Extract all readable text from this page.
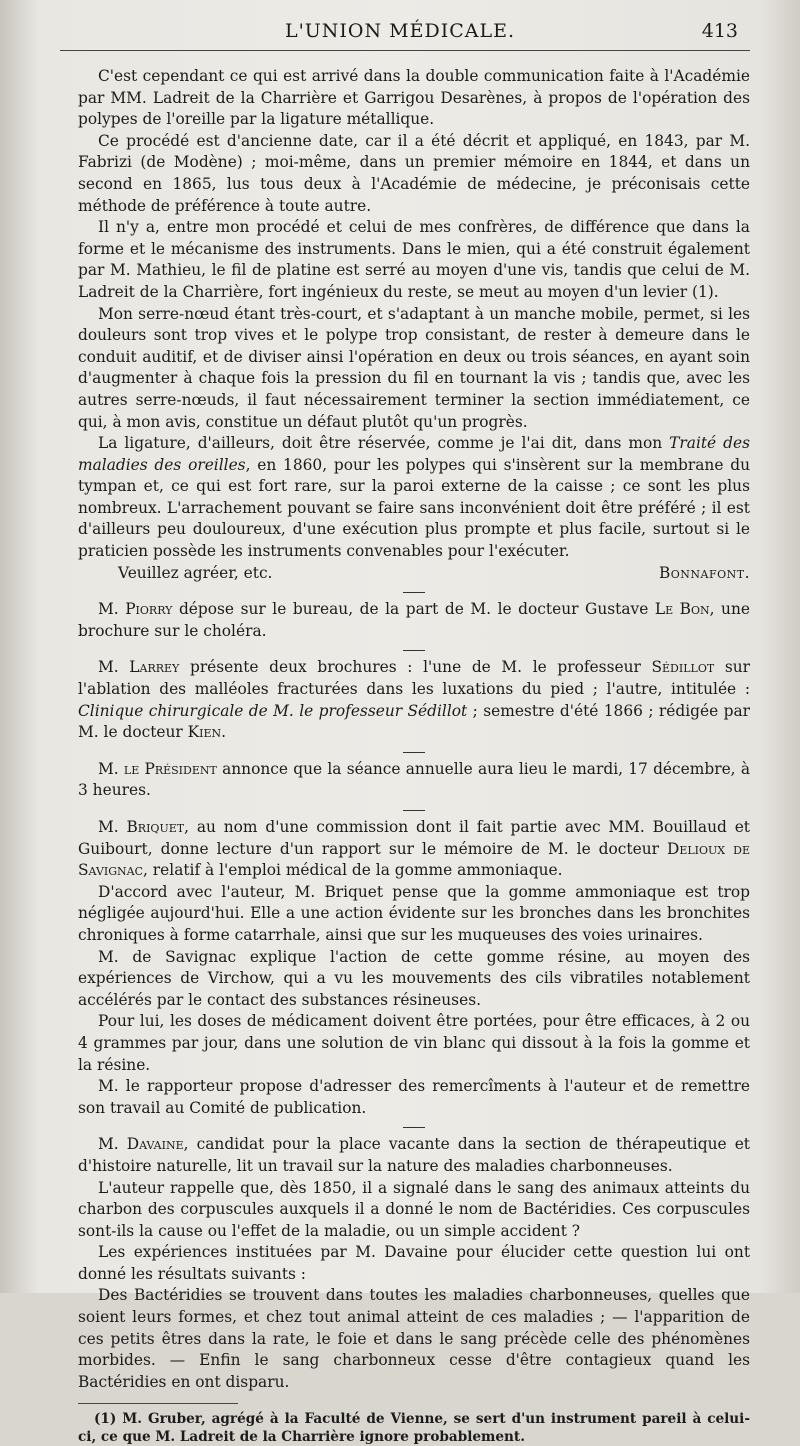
L'UNION MÉDICALE.	413

C'est cependant ce qui est arrivé dans la double communication faite à l'Académie par MM. Ladreit de la Charrière et Garrigou Desarènes, à propos de l'opération des polypes de l'oreille par la ligature métallique.

Ce procédé est d'ancienne date, car il a été décrit et appliqué, en 1843, par M. Fabrizi (de Modène) ; moi-même, dans un premier mémoire en 1844, et dans un second en 1865, lus tous deux à l'Académie de médecine, je préconisais cette méthode de préférence à toute autre.

Il n'y a, entre mon procédé et celui de mes confrères, de différence que dans la forme et le mécanisme des instruments. Dans le mien, qui a été construit également par M. Mathieu, le fil de platine est serré au moyen d'une vis, tandis que celui de M. Ladreit de la Charrière, fort ingénieux du reste, se meut au moyen d'un levier (1).

Mon serre-nœud étant très-court, et s'adaptant à un manche mobile, permet, si les douleurs sont trop vives et le polype trop consistant, de rester à demeure dans le conduit auditif, et de diviser ainsi l'opération en deux ou trois séances, en ayant soin d'augmenter à chaque fois la pression du fil en tournant la vis ; tandis que, avec les autres serre-nœuds, il faut nécessairement terminer la section immédiatement, ce qui, à mon avis, constitue un défaut plutôt qu'un progrès.

La ligature, d'ailleurs, doit être réservée, comme je l'ai dit, dans mon Traité des maladies des oreilles, en 1860, pour les polypes qui s'insèrent sur la membrane du tympan et, ce qui est fort rare, sur la paroi externe de la caisse ; ce sont les plus nombreux. L'arrachement pouvant se faire sans inconvénient doit être préféré ; il est d'ailleurs peu douloureux, d'une exécution plus prompte et plus facile, surtout si le praticien possède les instruments convenables pour l'exécuter.

Veuillez agréer, etc.	Bonnafont.

M. Piorry dépose sur le bureau, de la part de M. le docteur Gustave Le Bon, une brochure sur le choléra.

M. Larrey présente deux brochures : l'une de M. le professeur Sédillot sur l'ablation des malléoles fracturées dans les luxations du pied ; l'autre, intitulée : Clinique chirurgicale de M. le professeur Sédillot ; semestre d'été 1866 ; rédigée par M. le docteur Kien.

M. le Président annonce que la séance annuelle aura lieu le mardi, 17 décembre, à 3 heures.

M. Briquet, au nom d'une commission dont il fait partie avec MM. Bouillaud et Guibourt, donne lecture d'un rapport sur le mémoire de M. le docteur Delioux de Savignac, relatif à l'emploi médical de la gomme ammoniaque.

D'accord avec l'auteur, M. Briquet pense que la gomme ammoniaque est trop négligée aujourd'hui. Elle a une action évidente sur les bronches dans les bronchites chroniques à forme catarrhale, ainsi que sur les muqueuses des voies urinaires.

M. de Savignac explique l'action de cette gomme résine, au moyen des expériences de Virchow, qui a vu les mouvements des cils vibratiles notablement accélérés par le contact des substances résineuses.

Pour lui, les doses de médicament doivent être portées, pour être efficaces, à 2 ou 4 grammes par jour, dans une solution de vin blanc qui dissout à la fois la gomme et la résine.

M. le rapporteur propose d'adresser des remercîments à l'auteur et de remettre son travail au Comité de publication.

M. Davaine, candidat pour la place vacante dans la section de thérapeutique et d'histoire naturelle, lit un travail sur la nature des maladies charbonneuses.

L'auteur rappelle que, dès 1850, il a signalé dans le sang des animaux atteints du charbon des corpuscules auxquels il a donné le nom de Bactéridies. Ces corpuscules sont-ils la cause ou l'effet de la maladie, ou un simple accident ?

Les expériences instituées par M. Davaine pour élucider cette question lui ont donné les résultats suivants :

Des Bactéridies se trouvent dans toutes les maladies charbonneuses, quelles que soient leurs formes, et chez tout animal atteint de ces maladies ; — l'apparition de ces petits êtres dans la rate, le foie et dans le sang précède celle des phénomènes morbides. — Enfin le sang charbonneux cesse d'être contagieux quand les Bactéridies en ont disparu.

(1) M. Gruber, agrégé à la Faculté de Vienne, se sert d'un instrument pareil à celui-ci, ce que M. Ladreit de la Charrière ignore probablement.
